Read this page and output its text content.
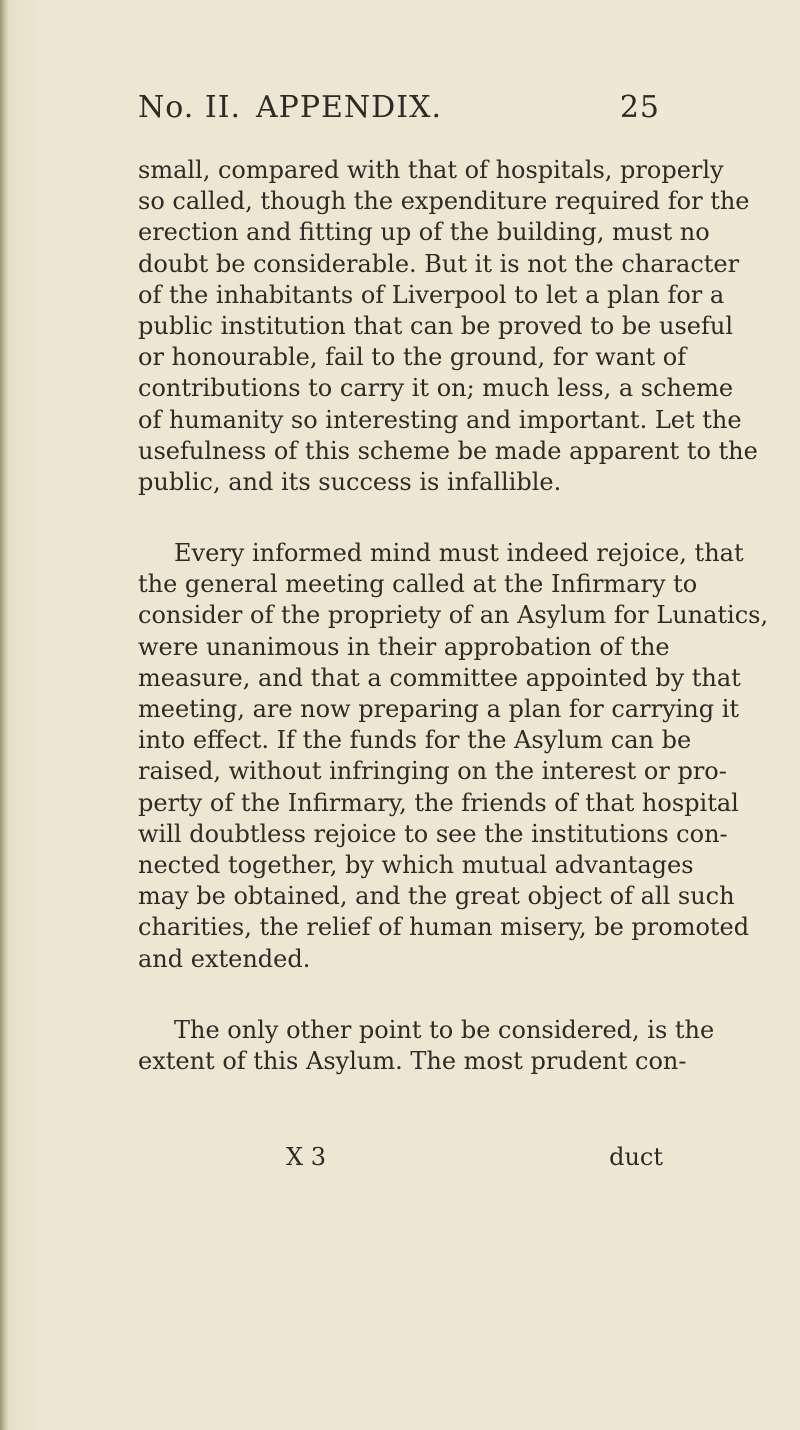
No. II. APPENDIX.	25
small, compared with that of hospitals, properly
so called, though the expenditure required for the
erection and fitting up of the building, must no
doubt be considerable. But it is not the character
of the inhabitants of Liverpool to let a plan for a
public institution that can be proved to be useful
or honourable, fail to the ground, for want of
contributions to carry it on; much less, a scheme
of humanity so interesting and important. Let the
usefulness of this scheme be made apparent to the
public, and its success is infallible.
Every informed mind must indeed rejoice, that
the general meeting called at the Infirmary to
consider of the propriety of an Asylum for Lunatics,
were unanimous in their approbation of the
measure, and that a committee appointed by that
meeting, are now preparing a plan for carrying it
into effect. If the funds for the Asylum can be
raised, without infringing on the interest or pro-
perty of the Infirmary, the friends of that hospital
will doubtless rejoice to see the institutions con-
nected together, by which mutual advantages
may be obtained, and the great object of all such
charities, the relief of human misery, be promoted
and extended.
The only other point to be considered, is the
extent of this Asylum. The most prudent con-
X 3	duct
